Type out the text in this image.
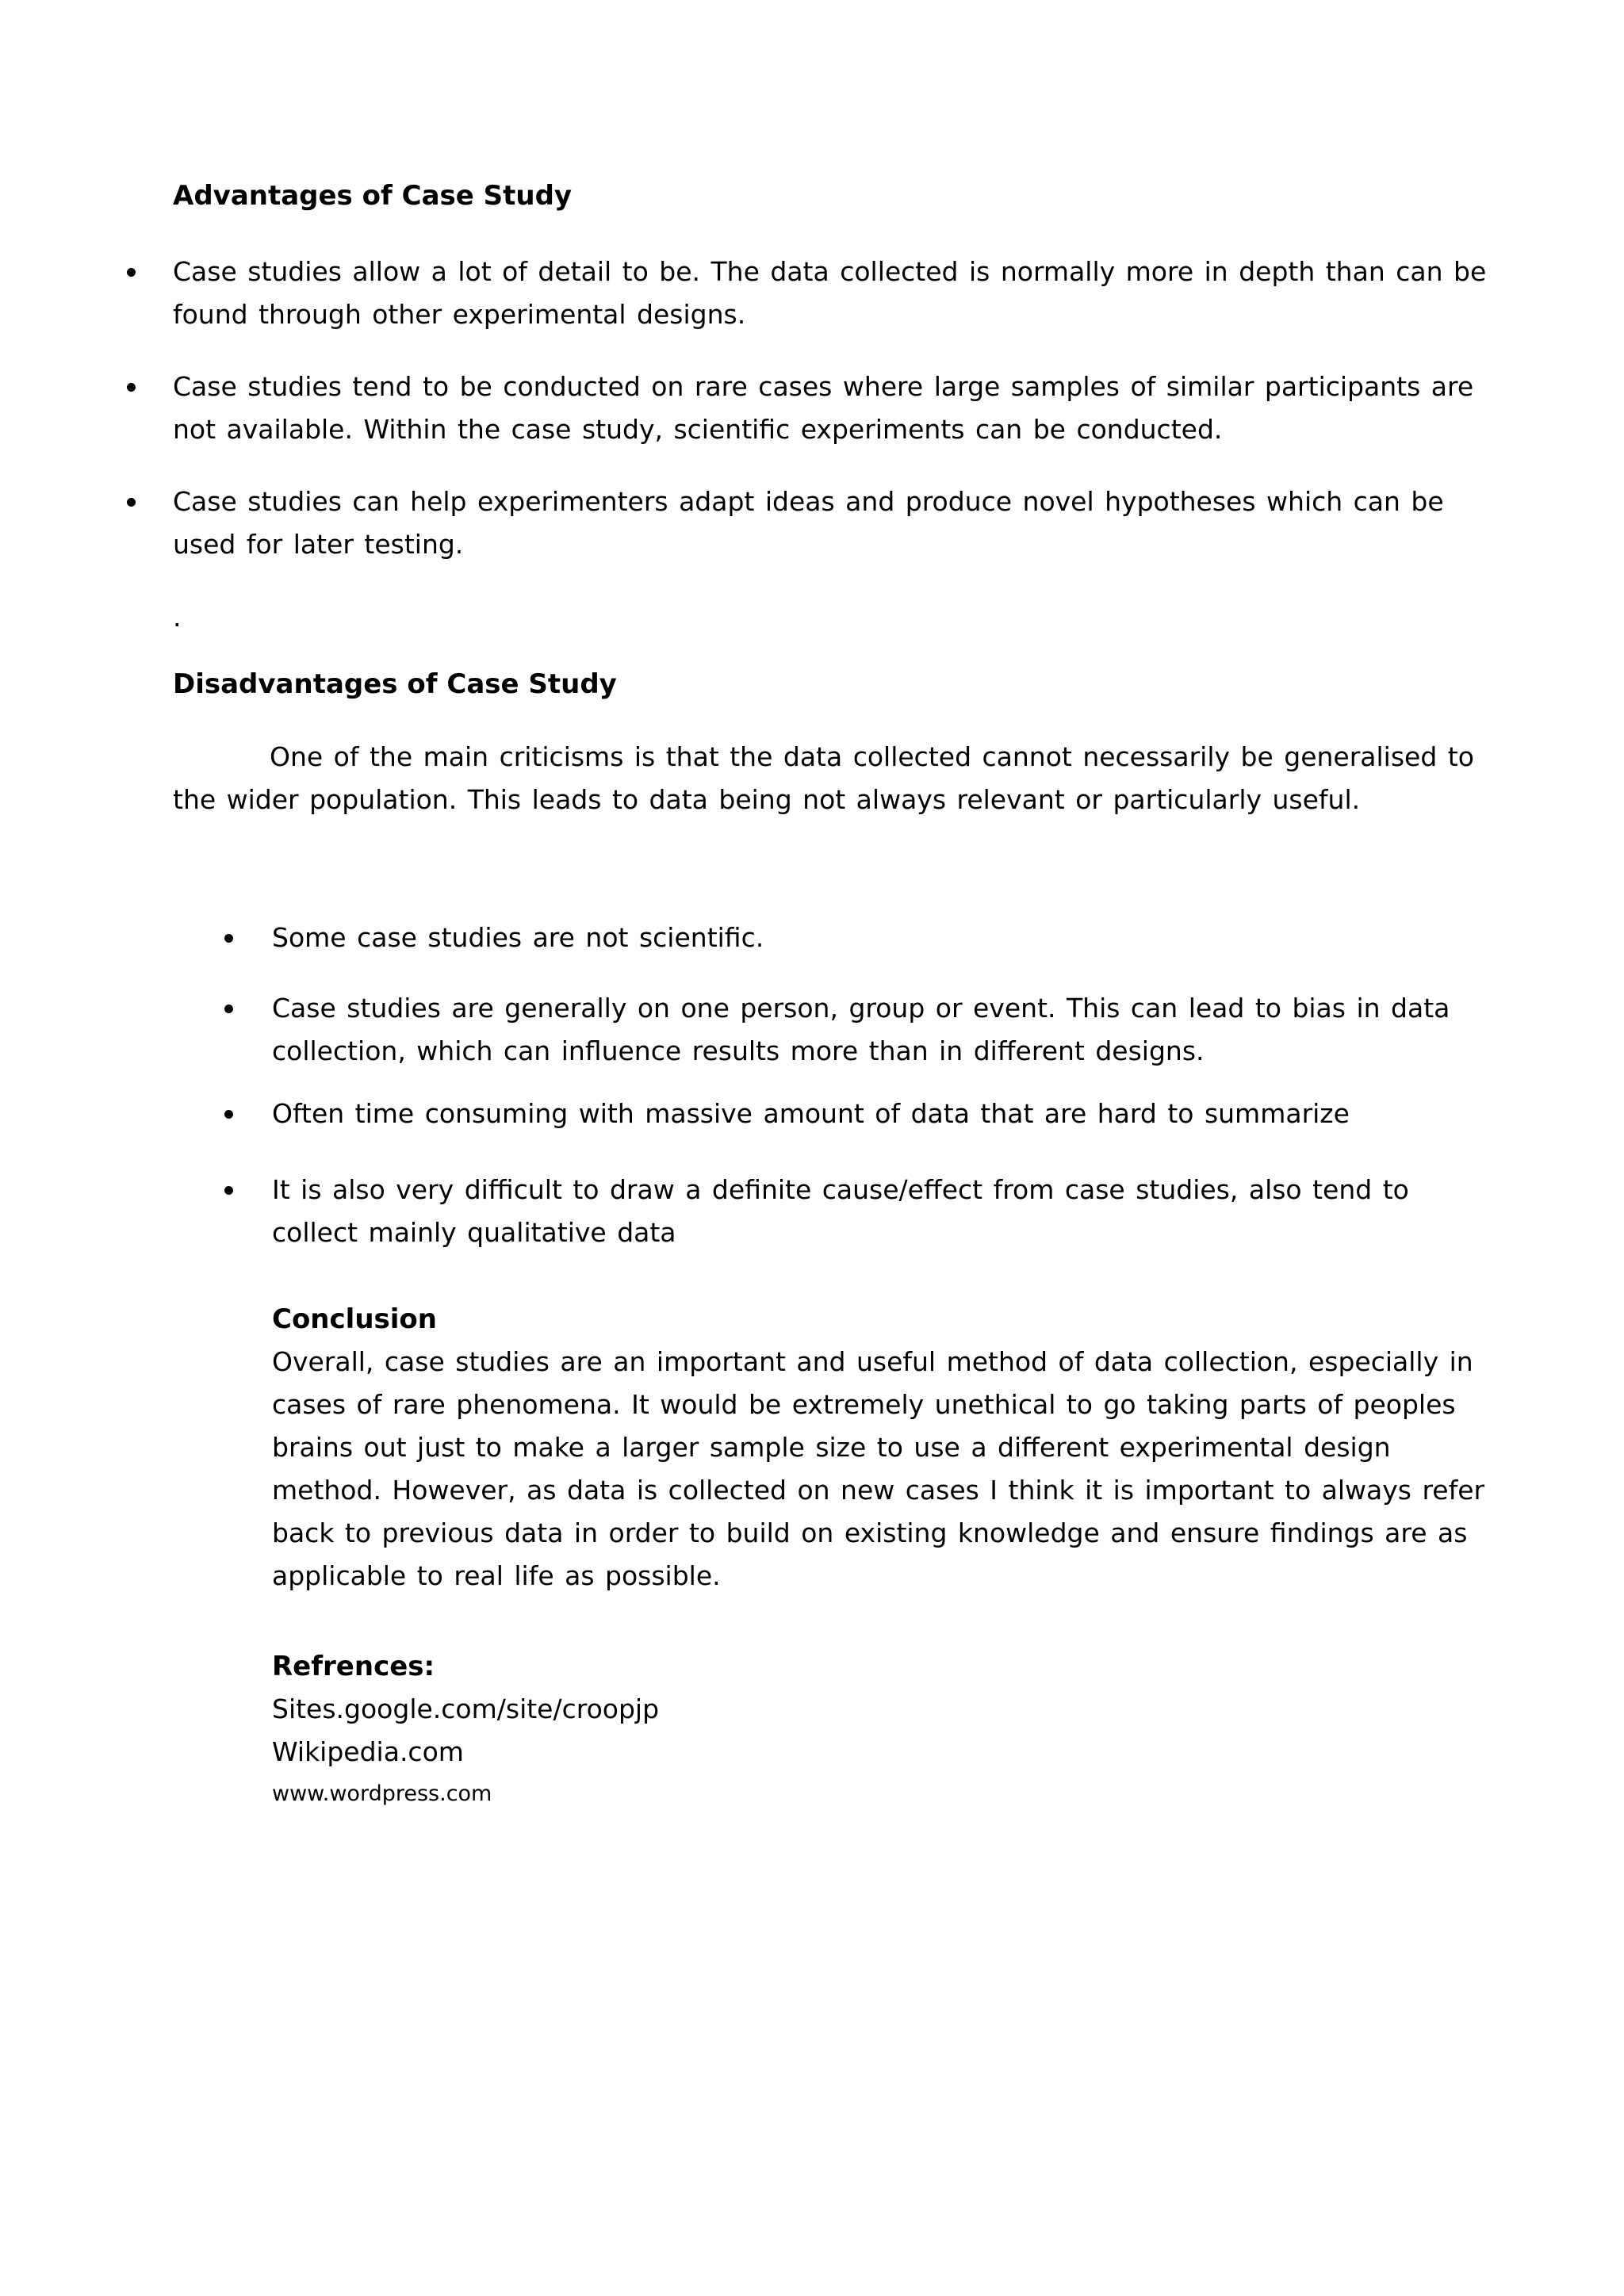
Advantages of Case Study
Case studies allow a lot of detail to be. The data collected is normally more in depth than can be found through other experimental designs.
Case studies tend to be conducted on rare cases where large samples of similar participants are not available. Within the case study, scientific experiments can be conducted.
Case studies can help experimenters adapt ideas and produce novel hypotheses which can be used for later testing.
.
Disadvantages of Case Study
One of the main criticisms is that the data collected cannot necessarily be generalised to the wider population. This leads to data being not always relevant or particularly useful.
Some case studies are not scientific.
Case studies are generally on one person, group or event. This can lead to bias in data collection, which can influence results more than in different designs.
Often time consuming with massive amount of data that are hard to summarize
It is also very difficult to draw a definite cause/effect from case studies, also tend to collect mainly qualitative data
Conclusion
Overall, case studies are an important and useful method of data collection, especially in cases of rare phenomena. It would be extremely unethical to go taking parts of peoples brains out just to make a larger sample size to use a different experimental design method. However, as data is collected on new cases I think it is important to always refer back to previous data in order to build on existing knowledge and ensure findings are as applicable to real life as possible.
Refrences:
Sites.google.com/site/croopjp
Wikipedia.com
www.wordpress.com
